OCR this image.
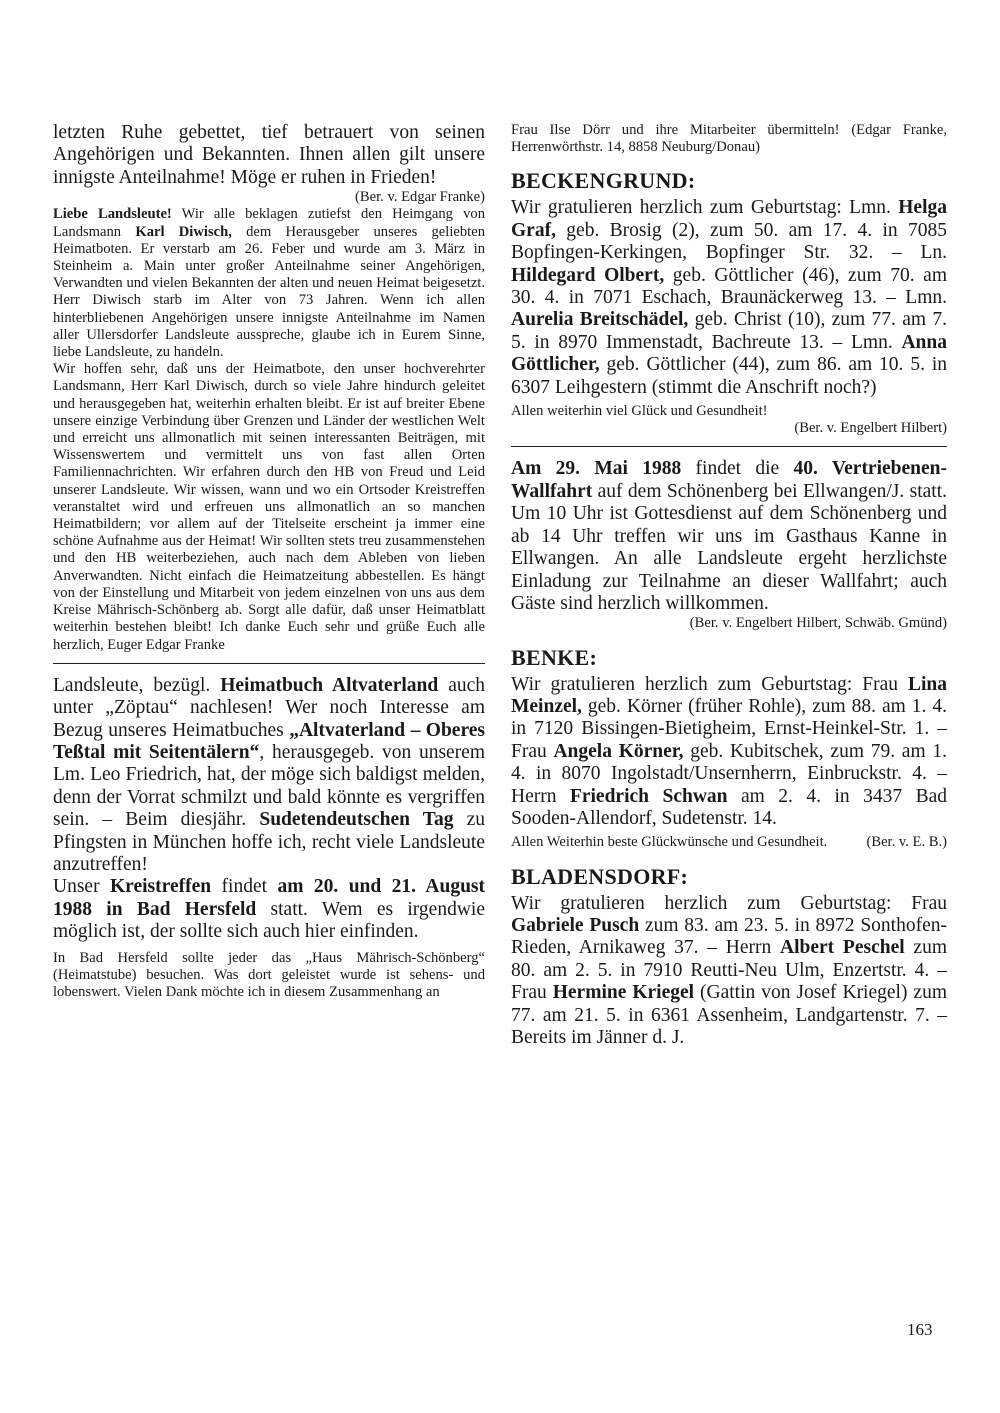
letzten Ruhe gebettet, tief betrauert von seinen Angehörigen und Bekannten. Ihnen allen gilt unsere innigste Anteilnahme! Möge er ruhen in Frieden!

(Ber. v. Edgar Franke)

Liebe Landsleute! Wir alle beklagen zutiefst den Heimgang von Landsmann Karl Diwisch, dem Herausgeber unseres geliebten Heimatboten. Er verstarb am 26. Feber und wurde am 3. März in Steinheim a. Main unter großer Anteilnahme seiner Angehörigen, Verwandten und vielen Bekannten der alten und neuen Heimat beigesetzt. Herr Diwisch starb im Alter von 73 Jahren. Wenn ich allen hinterbliebenen Angehörigen unsere innigste Anteilnahme im Namen aller Ullersdorfer Landsleute ausspreche, glaube ich in Eurem Sinne, liebe Landsleute, zu handeln.

Wir hoffen sehr, daß uns der Heimatbote, den unser hochverehrter Landsmann, Herr Karl Diwisch, durch so viele Jahre hindurch geleitet und herausgegeben hat, weiterhin erhalten bleibt. Er ist auf breiter Ebene unsere einzige Verbindung über Grenzen und Länder der westlichen Welt und erreicht uns allmonatlich mit seinen interessanten Beiträgen, mit Wissenswertem und vermittelt uns von fast allen Orten Familiennachrichten. Wir erfahren durch den HB von Freud und Leid unserer Landsleute. Wir wissen, wann und wo ein Ortsoder Kreistreffen veranstaltet wird und erfreuen uns allmonatlich an so manchen Heimatbildern; vor allem auf der Titelseite erscheint ja immer eine schöne Aufnahme aus der Heimat! Wir sollten stets treu zusammenstehen und den HB weiterbeziehen, auch nach dem Ableben von lieben Anverwandten. Nicht einfach die Heimatzeitung abbestellen. Es hängt von der Einstellung und Mitarbeit von jedem einzelnen von uns aus dem Kreise Mährisch-Schönberg ab. Sorgt alle dafür, daß unser Heimatblatt weiterhin bestehen bleibt! Ich danke Euch sehr und grüße Euch alle herzlich, Euger Edgar Franke

Landsleute, bezügl. Heimatbuch Altvaterland auch unter „Zöptau“ nachlesen! Wer noch Interesse am Bezug unseres Heimatbuches „Altvaterland – Oberes Teßtal mit Seitentälern“, herausgegeb. von unserem Lm. Leo Friedrich, hat, der möge sich baldigst melden, denn der Vorrat schmilzt und bald könnte es vergriffen sein. – Beim diesjähr. Sudetendeutschen Tag zu Pfingsten in München hoffe ich, recht viele Landsleute anzutreffen!

Unser Kreistreffen findet am 20. und 21. August 1988 in Bad Hersfeld statt. Wem es irgendwie möglich ist, der sollte sich auch hier einfinden.

In Bad Hersfeld sollte jeder das „Haus Mährisch-Schönberg“ (Heimatstube) besuchen. Was dort geleistet wurde ist sehens- und lobenswert. Vielen Dank möchte ich in diesem Zusammenhang an

Frau Ilse Dörr und ihre Mitarbeiter übermitteln! (Edgar Franke, Herrenwörthstr. 14, 8858 Neuburg/Donau)

BECKENGRUND:

Wir gratulieren herzlich zum Geburtstag: Lmn. Helga Graf, geb. Brosig (2), zum 50. am 17. 4. in 7085 Bopfingen-Kerkingen, Bopfinger Str. 32. – Ln. Hildegard Olbert, geb. Göttlicher (46), zum 70. am 30. 4. in 7071 Eschach, Braunäckerweg 13. – Lmn. Aurelia Breitschädel, geb. Christ (10), zum 77. am 7. 5. in 8970 Immenstadt, Bachreute 13. – Lmn. Anna Göttlicher, geb. Göttlicher (44), zum 86. am 10. 5. in 6307 Leihgestern (stimmt die Anschrift noch?)

Allen weiterhin viel Glück und Gesundheit!

(Ber. v. Engelbert Hilbert)

Am 29. Mai 1988 findet die 40. Vertriebenen-Wallfahrt auf dem Schönenberg bei Ellwangen/J. statt. Um 10 Uhr ist Gottesdienst auf dem Schönenberg und ab 14 Uhr treffen wir uns im Gasthaus Kanne in Ellwangen. An alle Landsleute ergeht herzlichste Einladung zur Teilnahme an dieser Wallfahrt; auch Gäste sind herzlich willkommen.

(Ber. v. Engelbert Hilbert, Schwäb. Gmünd)
BENKE:

Wir gratulieren herzlich zum Geburtstag: Frau Lina Meinzel, geb. Körner (früher Rohle), zum 88. am 1. 4. in 7120 Bissingen-Bietigheim, Ernst-Heinkel-Str. 1. – Frau Angela Körner, geb. Kubitschek, zum 79. am 1. 4. in 8070 Ingolstadt/Unsernherrn, Einbruckstr. 4. – Herrn Friedrich Schwan am 2. 4. in 3437 Bad Sooden-Allendorf, Sudetenstr. 14.

Allen Weiterhin beste Glückwünsche und Gesundheit.	(Ber. v. E. B.)

BLADENSDORF:

Wir gratulieren herzlich zum Geburtstag: Frau Gabriele Pusch zum 83. am 23. 5. in 8972 Sonthofen-Rieden, Arnikaweg 37. – Herrn Albert Peschel zum 80. am 2. 5. in 7910 Reutti-Neu Ulm, Enzertstr. 4. – Frau Hermine Kriegel (Gattin von Josef Kriegel) zum 77. am 21. 5. in 6361 Assenheim, Landgartenstr. 7. – Bereits im Jänner d. J.

163
